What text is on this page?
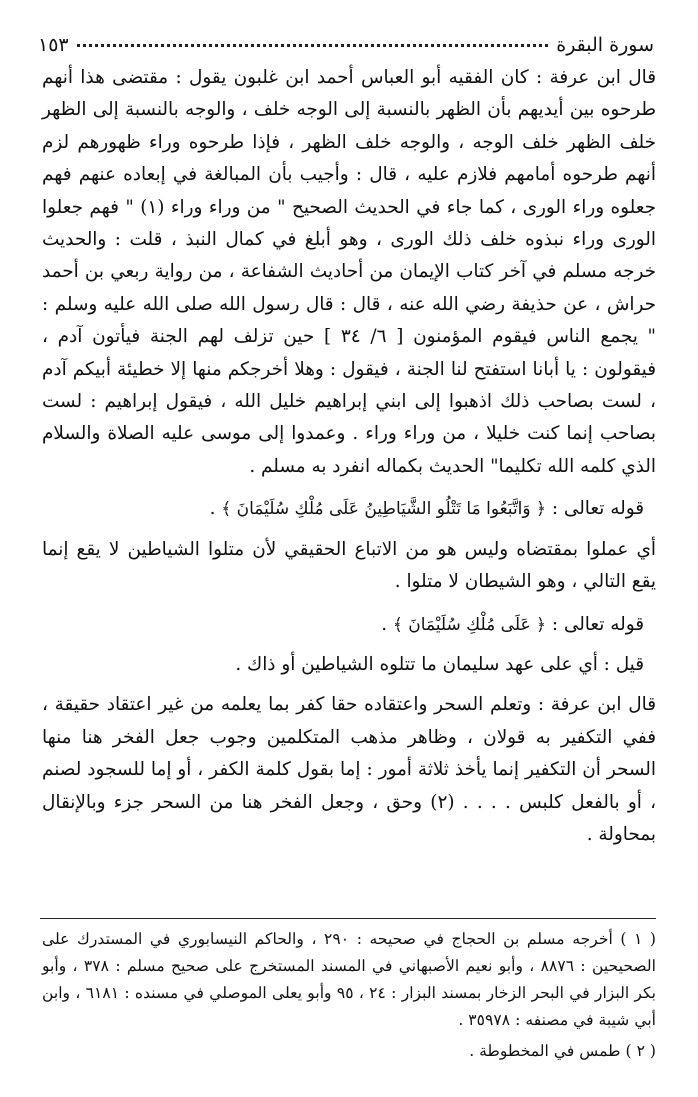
سورة البقرة
١٥٣

قال ابن عرفة : كان الفقيه أبو العباس أحمد ابن غلبون يقول : مقتضى هذا أنهم طرحوه بين أيديهم بأن الظهر بالنسبة إلى الوجه خلف ، والوجه بالنسبة إلى الظهر خلف الظهر خلف الوجه ، والوجه خلف الظهر ، فإذا طرحوه وراء ظهورهم لزم أنهم طرحوه أمامهم فلازم عليه ، قال : وأجيب بأن المبالغة في إبعاده عنهم فهم جعلوه وراء الورى ، كما جاء في الحديث الصحيح " من وراء وراء (١) " فهم جعلوا الورى وراء نبذوه خلف ذلك الورى ، وهو أبلغ في كمال النبذ ، قلت : والحديث خرجه مسلم في آخر كتاب الإيمان من أحاديث الشفاعة ، من رواية ربعي بن أحمد حراش ، عن حذيفة رضي الله عنه ، قال : قال رسول الله صلى الله عليه وسلم : " يجمع الناس فيقوم المؤمنون [ ٦/ ٣٤ ] حين تزلف لهم الجنة فيأتون آدم ، فيقولون : يا أبانا استفتح لنا الجنة ، فيقول : وهلا أخرجكم منها إلا خطيئة أبيكم آدم ، لست بصاحب ذلك اذهبوا إلى ابني إبراهيم خليل الله ، فيقول إبراهيم : لست بصاحب إنما كنت خليلا ، من وراء وراء . وعمدوا إلى موسى عليه الصلاة والسلام الذي كلمه الله تكليما" الحديث بكماله انفرد به مسلم .

قوله تعالى : ﴿ وَاتَّبَعُوا مَا تَتْلُو الشَّيَاطِينُ عَلَى مُلْكِ سُلَيْمَانَ ﴾ .

أي عملوا بمقتضاه وليس هو من الاتباع الحقيقي لأن متلوا الشياطين لا يقع إنما يقع التالي ، وهو الشيطان لا متلوا .

قوله تعالى : ﴿ عَلَى مُلْكِ سُلَيْمَانَ ﴾ .

قيل : أي على عهد سليمان ما تتلوه الشياطين أو ذاك .

قال ابن عرفة : وتعلم السحر واعتقاده حقا كفر بما يعلمه من غير اعتقاد حقيقة ، ففي التكفير به قولان ، وظاهر مذهب المتكلمين وجوب جعل الفخر هنا منها السحر أن التكفير إنما يأخذ ثلاثة أمور : إما بقول كلمة الكفر ، أو إما للسجود لصنم ، أو بالفعل كلبس . . . . (٢) وحق ، وجعل الفخر هنا من السحر جزء وبالإنقال بمحاولة .

( ١ ) أخرجه مسلم بن الحجاج في صحيحه : ٢٩٠ ، والحاكم النيسابوري في المستدرك على الصحيحين : ٨٨٧٦ ، وأبو نعيم الأصبهاني في المسند المستخرج على صحيح مسلم : ٣٧٨ ، وأبو بكر البزار في البحر الزخار بمسند البزار : ٢٤ ، ٩٥ وأبو يعلى الموصلي في مسنده : ٦١٨١ ، وابن أبي شيبة في مصنفه : ٣٥٩٧٨ .

( ٢ ) طمس في المخطوطة .
